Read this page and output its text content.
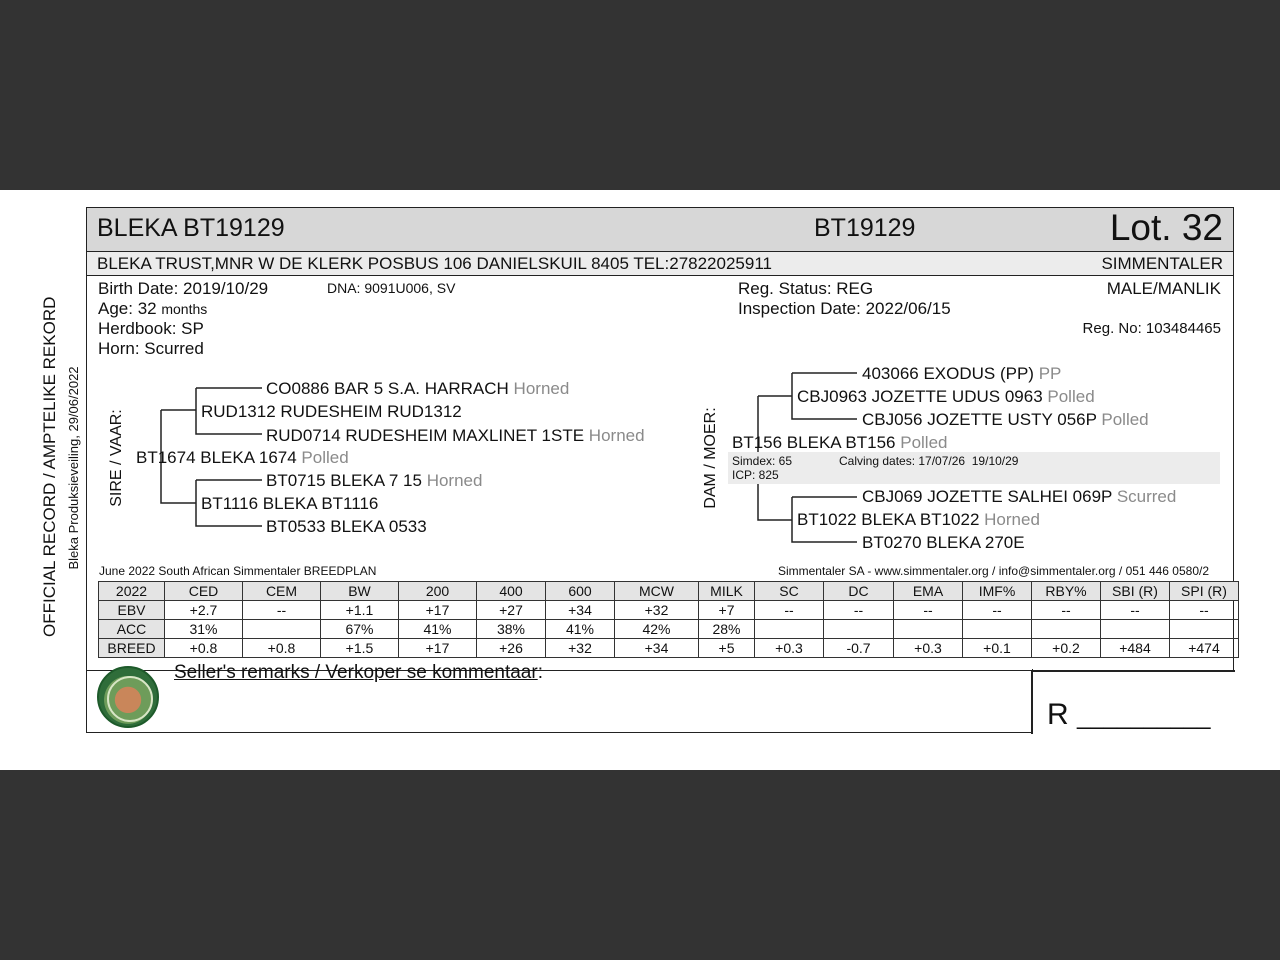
OFFICIAL RECORD / AMPTELIKE REKORD Bleka Produksieveiling, 29/06/2022
BLEKA BT19129	BT19129	Lot. 32
BLEKA TRUST,MNR W DE KLERK POSBUS 106 DANIELSKUIL 8405 TEL:27822025911	SIMMENTALER
Birth Date: 2019/10/29	DNA: 9091U006, SV
Age: 32 months
Herdbook: SP
Horn: Scurred
Reg. Status: REG
Inspection Date: 2022/06/15
MALE/MANLIK
Reg. No: 103484465
SIRE / VAAR:	DAM / MOER:
CO0886 BAR 5 S.A. HARRACH Horned
RUD1312 RUDESHEIM RUD1312
RUD0714 RUDESHEIM MAXLINET 1STE Horned
BT1674 BLEKA 1674 Polled
BT0715 BLEKA 7 15 Horned
BT1116 BLEKA BT1116
BT0533 BLEKA 0533
403066 EXODUS (PP) PP
CBJ0963 JOZETTE UDUS 0963 Polled
CBJ056 JOZETTE USTY 056P Polled
BT156 BLEKA BT156 Polled
Simdex: 65	Calving dates: 17/07/26  19/10/29
ICP: 825
CBJ069 JOZETTE SALHEI 069P Scurred
BT1022 BLEKA BT1022 Horned
BT0270 BLEKA 270E
June 2022 South African Simmentaler BREEDPLAN	Simmentaler SA - www.simmentaler.org / info@simmentaler.org / 051 446 0580/2
2022	CED	CEM	BW	200	400	600	MCW	MILK	SC	DC	EMA	IMF%	RBY%	SBI (R)	SPI (R)
EBV	+2.7	--	+1.1	+17	+27	+34	+32	+7	--	--	--	--	--	--	--
ACC	31%		67%	41%	38%	41%	42%	28%							
BREED	+0.8	+0.8	+1.5	+17	+26	+32	+34	+5	+0.3	-0.7	+0.3	+0.1	+0.2	+484	+474
Seller's remarks / Verkoper se kommentaar:
R __________
